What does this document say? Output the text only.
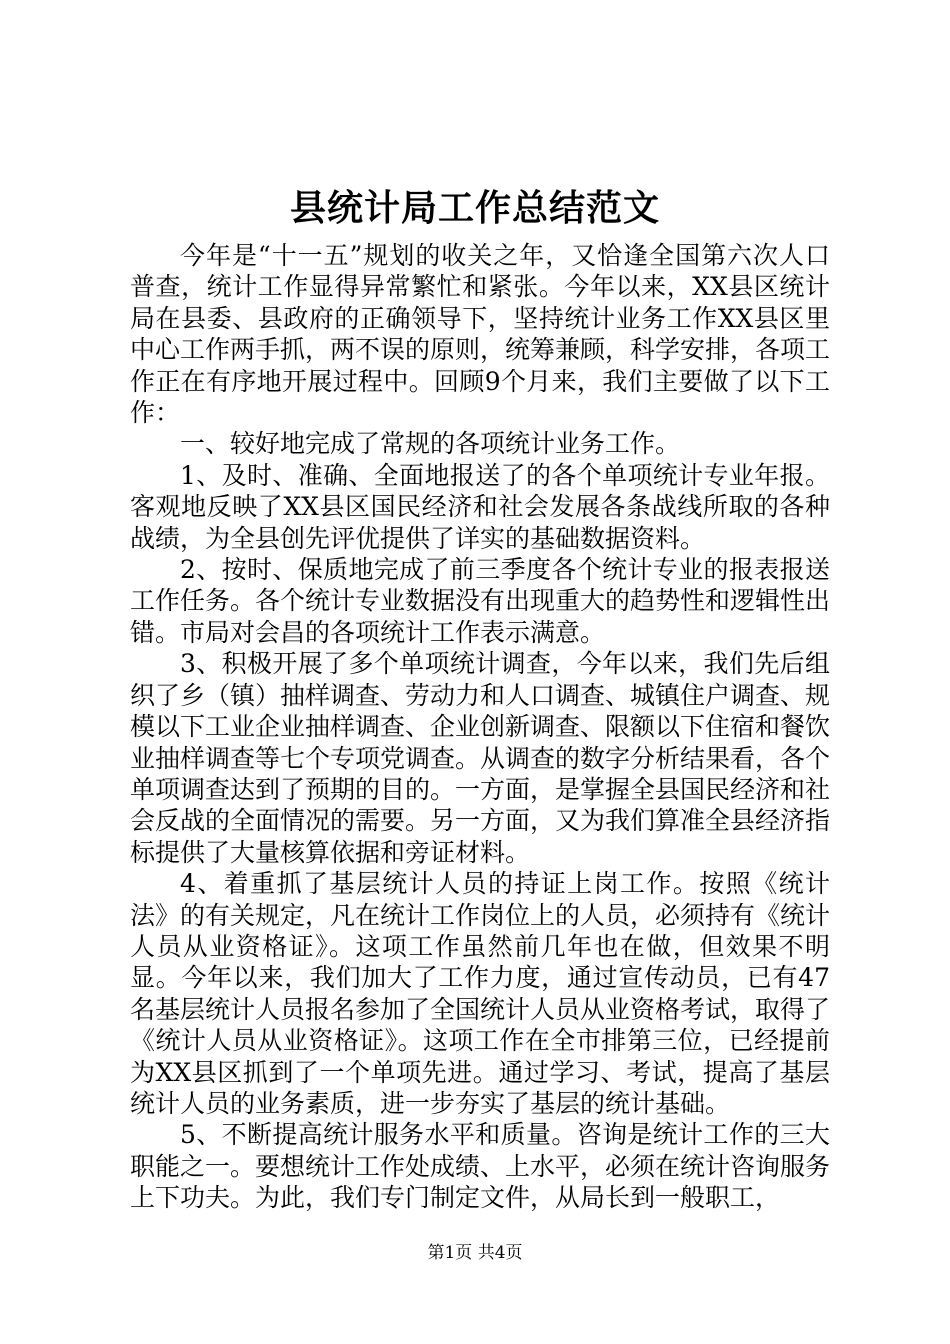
县统计局工作总结范文

今年是“十一五”规划的收关之年，又恰逢全国第六次人口普查，统计工作显得异常繁忙和紧张。今年以来，XX县区统计局在县委、县政府的正确领导下，坚持统计业务工作XX县区里中心工作两手抓，两不误的原则，统筹兼顾，科学安排，各项工作正在有序地开展过程中。回顾9个月来，我们主要做了以下工作：

一、较好地完成了常规的各项统计业务工作。

1、及时、准确、全面地报送了的各个单项统计专业年报。客观地反映了XX县区国民经济和社会发展各条战线所取的各种战绩，为全县创先评优提供了详实的基础数据资料。

2、按时、保质地完成了前三季度各个统计专业的报表报送工作任务。各个统计专业数据没有出现重大的趋势性和逻辑性出错。市局对会昌的各项统计工作表示满意。

3、积极开展了多个单项统计调查，今年以来，我们先后组织了乡（镇）抽样调查、劳动力和人口调查、城镇住户调查、规模以下工业企业抽样调查、企业创新调查、限额以下住宿和餐饮业抽样调查等七个专项党调查。从调查的数字分析结果看，各个单项调查达到了预期的目的。一方面，是掌握全县国民经济和社会反战的全面情况的需要。另一方面，又为我们算准全县经济指标提供了大量核算依据和旁证材料。

4、着重抓了基层统计人员的持证上岗工作。按照《统计法》的有关规定，凡在统计工作岗位上的人员，必须持有《统计人员从业资格证》。这项工作虽然前几年也在做，但效果不明显。今年以来，我们加大了工作力度，通过宣传动员，已有47名基层统计人员报名参加了全国统计人员从业资格考试，取得了《统计人员从业资格证》。这项工作在全市排第三位，已经提前为XX县区抓到了一个单项先进。通过学习、考试，提高了基层统计人员的业务素质，进一步夯实了基层的统计基础。

5、不断提高统计服务水平和质量。咨询是统计工作的三大职能之一。要想统计工作处成绩、上水平，必须在统计咨询服务上下功夫。为此，我们专门制定文件，从局长到一般职工，

第1页 共4页
